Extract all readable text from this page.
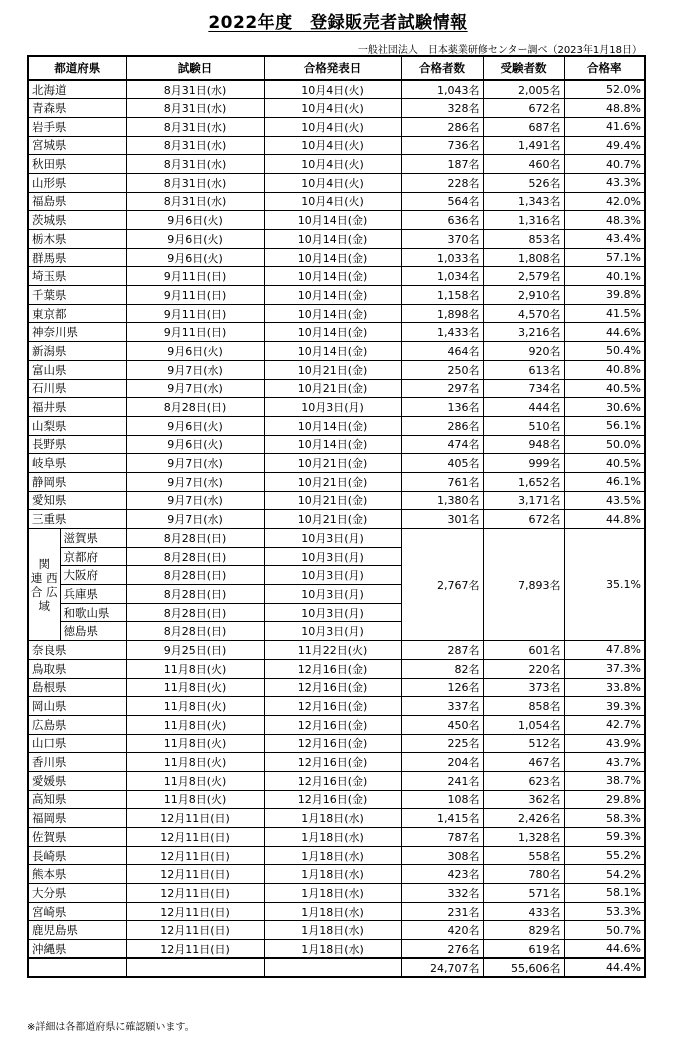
2022年度　登録販売者試験情報
一般社団法人　日本薬業研修センター調べ（2023年1月18日）
都道府県		試験日	合格発表日	合格者数	受験者数	合格率
北海道		8月31日(水)	10月4日(火)	1,043名	2,005名	52.0%
青森県		8月31日(水)	10月4日(火)	328名	672名	48.8%
岩手県		8月31日(水)	10月4日(火)	286名	687名	41.6%
宮城県		8月31日(水)	10月4日(火)	736名	1,491名	49.4%
秋田県		8月31日(水)	10月4日(火)	187名	460名	40.7%
山形県		8月31日(水)	10月4日(火)	228名	526名	43.3%
福島県		8月31日(水)	10月4日(火)	564名	1,343名	42.0%
茨城県		9月6日(火)	10月14日(金)	636名	1,316名	48.3%
栃木県		9月6日(火)	10月14日(金)	370名	853名	43.4%
群馬県		9月6日(火)	10月14日(金)	1,033名	1,808名	57.1%
埼玉県		9月11日(日)	10月14日(金)	1,034名	2,579名	40.1%
千葉県		9月11日(日)	10月14日(金)	1,158名	2,910名	39.8%
東京都		9月11日(日)	10月14日(金)	1,898名	4,570名	41.5%
神奈川県		9月11日(日)	10月14日(金)	1,433名	3,216名	44.6%
新潟県		9月6日(火)	10月14日(金)	464名	920名	50.4%
富山県		9月7日(水)	10月21日(金)	250名	613名	40.8%
石川県		9月7日(水)	10月21日(金)	297名	734名	40.5%
福井県		8月28日(日)	10月3日(月)	136名	444名	30.6%
山梨県		9月6日(火)	10月14日(金)	286名	510名	56.1%
長野県		9月6日(火)	10月14日(金)	474名	948名	50.0%
岐阜県		9月7日(水)	10月21日(金)	405名	999名	40.5%
静岡県		9月7日(水)	10月21日(金)	761名	1,652名	46.1%
愛知県		9月7日(水)	10月21日(金)	1,380名	3,171名	43.5%
三重県		9月7日(水)	10月21日(金)	301名	672名	44.8%

関
連 西
合 広
域	滋賀県	8月28日(日)	10月3日(月)	2,767名	7,893名	35.1%
	京都府	8月28日(日)	10月3日(月)			
	大阪府	8月28日(日)	10月3日(月)			
	兵庫県	8月28日(日)	10月3日(月)			
	和歌山県	8月28日(日)	10月3日(月)			
	徳島県	8月28日(日)	10月3日(月)			
奈良県		9月25日(日)	11月22日(火)	287名	601名	47.8%
鳥取県		11月8日(火)	12月16日(金)	82名	220名	37.3%
島根県		11月8日(火)	12月16日(金)	126名	373名	33.8%
岡山県		11月8日(火)	12月16日(金)	337名	858名	39.3%
広島県		11月8日(火)	12月16日(金)	450名	1,054名	42.7%
山口県		11月8日(火)	12月16日(金)	225名	512名	43.9%
香川県		11月8日(火)	12月16日(金)	204名	467名	43.7%
愛媛県		11月8日(火)	12月16日(金)	241名	623名	38.7%
高知県		11月8日(火)	12月16日(金)	108名	362名	29.8%
福岡県		12月11日(日)	1月18日(水)	1,415名	2,426名	58.3%
佐賀県		12月11日(日)	1月18日(水)	787名	1,328名	59.3%
長崎県		12月11日(日)	1月18日(水)	308名	558名	55.2%
熊本県		12月11日(日)	1月18日(水)	423名	780名	54.2%
大分県		12月11日(日)	1月18日(水)	332名	571名	58.1%
宮崎県		12月11日(日)	1月18日(水)	231名	433名	53.3%
鹿児島県		12月11日(日)	1月18日(水)	420名	829名	50.7%
沖縄県		12月11日(日)	1月18日(水)	276名	619名	44.6%
				24,707名	55,606名	44.4%
※詳細は各都道府県に確認願います。
